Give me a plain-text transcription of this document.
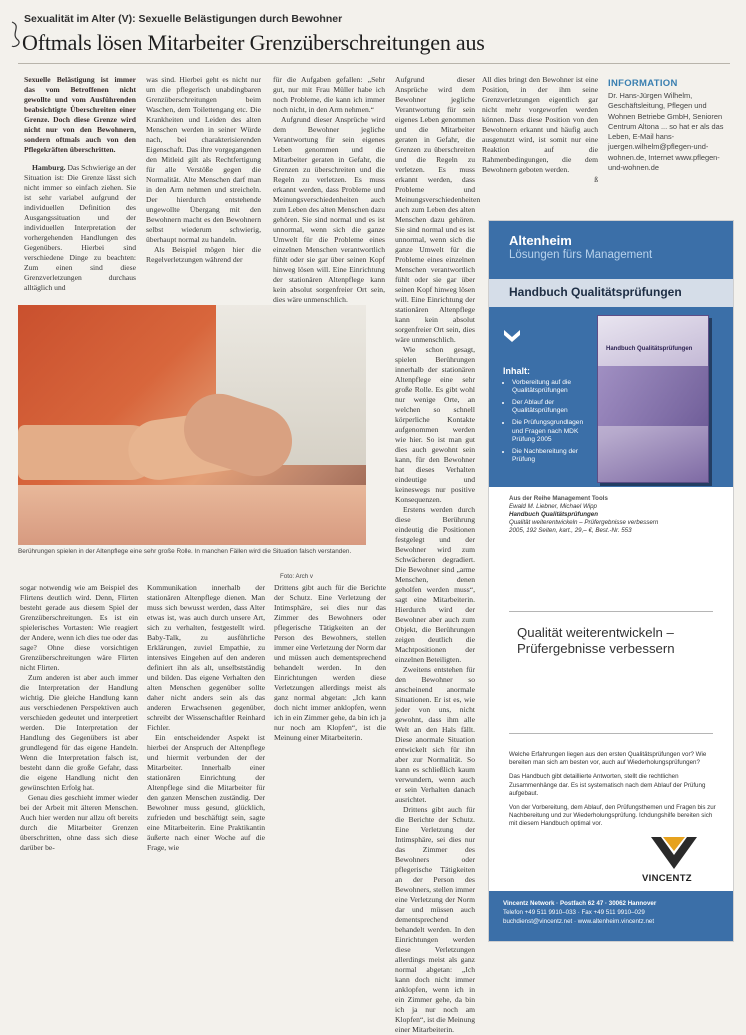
Sexualität im Alter (V): Sexuelle Belästigungen durch Bewohner
Oftmals lösen Mitarbeiter Grenzüberschreitungen aus

Sexuelle Belästigung ist immer das vom Betroffenen nicht gewollte und vom Ausführenden beabsichtigte Überschreiten einer Grenze. Doch diese Grenze wird nicht nur von den Bewohnern, sondern oftmals auch von den Pflegekräften überschritten.

Hamburg. Das Schwierige an der Situation ist: Die Grenze lässt sich nicht immer so einfach ziehen. Sie ist sehr variabel aufgrund der individuellen Definition des Ausgangssituation und der individuellen Interpretation der vorhergehenden Handlungen des Gegenübers. Hierbei sind verschiedene Dinge zu beachten: Zum einen sind diese Grenzverletzungen durchaus alltäglich und

was sind. Hierbei geht es nicht nur um die pflegerisch unabdingbaren Grenzüberschreitungen beim Waschen, dem Toilettengang etc. Die Krankheiten und Leiden des alten Menschen werden in seiner Würde nach, bei charakterisierenden Eigenschaft. Das ihre vorgegangenen den Mitleid gilt als Rechtfertigung für alle Verstöße gegen die Normalität. Alte Menschen darf man in den Arm nehmen und streicheln. Der hierdurch entstehende ungewollte Übergang mit den Bewohnern macht es den Bewohnern selbst wiederum schwierig, überhaupt normal zu handeln.

Als Beispiel mögen hier die Regelverletzungen während der

für die Aufgaben gefallen: „Sehr gut, nur mit Frau Müller habe ich noch Probleme, die kann ich immer noch nicht, in den Arm nehmen.“

Aufgrund dieser Ansprüche wird dem Bewohner jegliche Verantwortung für sein eigenes Leben genommen und die Mitarbeiter geraten in Gefahr, die Grenzen zu überschreiten und die Regeln zu verletzen. Es muss erkannt werden, dass Probleme und Meinungsverschiedenheiten auch zum Leben des alten Menschen dazu gehören. Sie sind normal und es ist unnormal, wenn sich die ganze Umwelt für die Probleme eines einzelnen Menschen verantwortlich fühlt oder sie gar über seinen Kopf hinweg lösen will. Eine Einrichtung der stationären Altenpflege kann kein absolut sorgenfreier Ort sein, dies wäre unmenschlich.

Aufgrund dieser Ansprüche wird dem Bewohner jegliche Verantwortung für sein eigenes Leben genommen und die Mitarbeiter geraten in Gefahr, die Grenzen zu überschreiten und die Regeln zu verletzen. Es muss erkannt werden, dass Probleme und Meinungsverschiedenheiten auch zum Leben des alten Menschen dazu gehören. Sie sind normal und es ist unnormal, wenn sich die ganze Umwelt für die Probleme eines einzelnen Menschen verantwortlich fühlt oder sie gar über seinen Kopf hinweg lösen will. Eine Einrichtung der stationären Altenpflege kann kein absolut sorgenfreier Ort sein, dies wäre unmenschlich.

Wie schon gesagt, spielen Berührungen innerhalb der stationären Altenpflege eine sehr große Rolle. Es gibt wohl nur wenige Orte, an welchen so schnell körperliche Kontakte aufgenommen werden wie hier. So ist man gut dies auch gewohnt sein kann, für den Bewohner hat dieses Verhalten eindeutige und keineswegs nur positive Konsequenzen.

Erstens werden durch diese Berührung eindeutig die Positionen festgelegt und der Bewohner wird zum Schwächeren degradiert. Die Bewohner sind „arme Menschen, denen geholfen werden muss“, sagt eine Mitarbeiterin. Hierdurch wird der Bewohner aber auch zum Objekt, die Berührungen zeigen deutlich die Machtpositionen der einzelnen Beteiligten.

Zweitens entstehen für den Bewohner so anscheinend anormale Situationen. Er ist es, wie jeder von uns, nicht gewohnt, dass ihm alle Welt an den Hals fällt. Diese anormale Situation entwickelt sich für ihn aber zur Normalität. So kann es schließlich kaum verwundern, wenn auch er sein Verhalten danach ausrichtet.

Drittens gibt auch für die Berichte der Schutz. Eine Verletzung der Intimsphäre, sei dies nur das Zimmer des Bewohners oder pflegerische Tätigkeiten an der Person des Bewohners, stellen immer eine Verletzung der Norm dar und müssen auch dementsprechend behandelt werden. In den Einrichtungen werden diese Verletzungen allerdings meist als ganz normal abgetan: „Ich kann doch nicht immer anklopfen, wenn ich in ein Zimmer gehe, da bin ich ja nur noch am Klopfen“, ist die Meinung einer Mitarbeiterin.

All dies bringt den Bewohner ist eine Position, in der ihm seine Grenzverletzungen eigentlich gar nicht mehr vorgeworfen werden können. Dass diese Position von den Bewohnern erkannt und häufig auch ausgenutzt wird, ist somit nur eine Reaktion auf die Rahmenbedingungen, die dem Bewohnern geboten werden.

ß
Berührungen spielen in der Altenpflege eine sehr große Rolle. In manchen Fällen wird die Situation falsch verstanden.
Foto: Arch v

sogar notwendig wie am Beispiel des Flirtens deutlich wird. Denn, Flirten besteht gerade aus diesem Spiel der Grenzüberschreitungen. Es ist ein spielerisches Vortasten: Wie reagiert der Andere, wenn ich dies tue oder das sage? Ohne diese vorsichtigen Grenzüberschreitungen wäre Flirten nicht Flirten.

Zum anderen ist aber auch immer die Interpretation der Handlung wichtig. Die gleiche Handlung kann aus verschiedenen Perspektiven auch verschieden gedeutet und interpretiert werden. Die Interpretation der Handlung des Gegenübers ist aber grundlegend für das eigene Handeln. Wenn die Interpretation falsch ist, besteht dann die große Gefahr, dass die eigene Handlung nicht den gewünschten Erfolg hat.

Genau dies geschieht immer wieder bei der Arbeit mit älteren Menschen. Auch hier werden nur allzu oft bereits durch die Mitarbeiter Grenzen überschritten, ohne dass sich diese darüber be-

Kommunikation innerhalb der stationären Altenpflege dienen. Man muss sich bewusst werden, dass Alter etwas ist, was auch durch unsere Art, sich zu verhalten, festgestellt wird. Baby-Talk, zu ausführliche Erklärungen, zuviel Empathie, zu intensives Eingehen auf den anderen definiert ihn als alt, unselbstständig und bilden. Das eigene Verhalten den alten Menschen gegenüber sollte daher nicht anders sein als das anderen Erwachsenen gegenüber, schreibt der Wissenschaftler Reinhard Fichler.

Ein entscheidender Aspekt ist hierbei der Anspruch der Altenpflege und hiermit verbunden der der Mitarbeiter. Innerhalb einer stationären Einrichtung der Altenpflege sind die Mitarbeiter für den ganzen Menschen zuständig. Der Bewohner muss gesund, glücklich, zufrieden und beschäftigt sein, sagte eine Mitarbeiterin. Eine Praktikantin äußerte nach einer Woche auf die Frage, wie

Drittens gibt auch für die Berichte der Schutz. Eine Verletzung der Intimsphäre, sei dies nur das Zimmer des Bewohners oder pflegerische Tätigkeiten an der Person des Bewohners, stellen immer eine Verletzung der Norm dar und müssen auch dementsprechend behandelt werden. In den Einrichtungen werden diese Verletzungen allerdings meist als ganz normal abgetan: „Ich kann doch nicht immer anklopfen, wenn ich in ein Zimmer gehe, da bin ich ja nur noch am Klopfen“, ist die Meinung einer Mitarbeiterin.

INFORMATION
Dr. Hans-Jürgen Wilhelm, Geschäftsleitung, Pflegen und Wohnen Betriebe GmbH, Senioren Centrum Altona ... so hat er als das Leben, E-Mail hans-juergen.wilhelm@pflegen-und-wohnen.de, Internet www.pflegen-und-wohnen.de
Altenheim
Lösungen fürs Management
Handbuch Qualitätsprüfungen
Inhalt:
• Vorbereitung auf die Qualitätsprüfungen
• Der Ablauf der Qualitätsprüfungen
• Die Prüfungsgrundlagen und Fragen nach MDK Prüfung 2005
• Die Nachbereitung der Prüfung
Handbuch Qualitätsprüfungen
Aus der Reihe Management Tools
Ewald M. Liebner, Michael Wipp
Handbuch Qualitätsprüfungen
Qualität weiterentwickeln – Prüfergebnisse verbessern
2005, 192 Seiten, kart., 29,– €, Best.-Nr. 553
Qualität weiterentwickeln – Prüfergebnisse verbessern

Welche Erfahrungen liegen aus den ersten Qualitätsprüfungen vor? Wie bereiten man sich am besten vor, auch auf Wiederholungsprüfungen?

Das Handbuch gibt detaillierte Antworten, stellt die rechtlichen Zusammenhänge dar. Es ist systematisch nach dem Ablauf der Prüfung aufgebaut.

Von der Vorbereitung, dem Ablauf, den Prüfungsthemen und Fragen bis zur Nachbereitung und zur Wiederholungsprüfung. Ichdungshilfe bereiten sich mit diesem Handbuch optimal vor.

VINCENTZ
Vincentz Network · Postfach 62 47 · 30062 Hannover
Telefon +49 511 9910–033 · Fax +49 511 9910–029
buchdienst@vincentz.net · www.altenheim.vincentz.net
